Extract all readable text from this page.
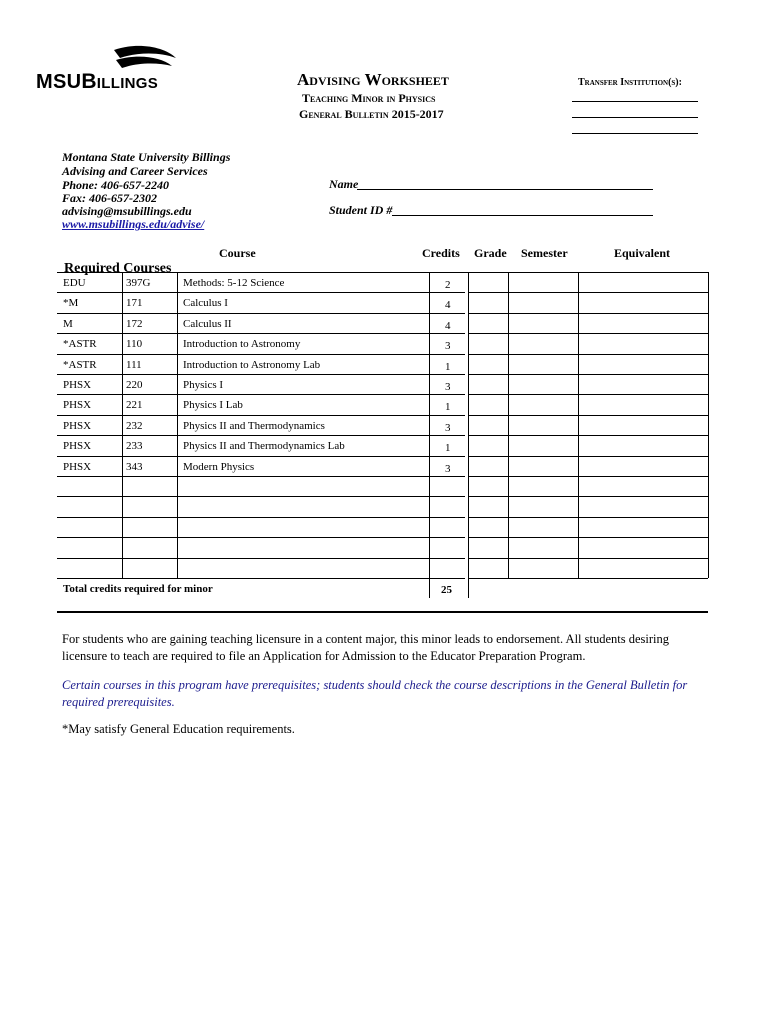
MSUBillings	Advising Worksheet
Teaching Minor in Physics
General Bulletin 2015-2017
Transfer Institution(s):
Montana State University Billings
Advising and Career Services
Phone: 406-657-2240
Fax: 406-657-2302
advising@msubillings.edu
www.msubillings.edu/advise/
Name
Student ID #
Course	Credits Grade Semester	Equivalent
Required Courses
EDU	397G	Methods: 5-12 Science	2
*M	171	Calculus I	4
M	172	Calculus II	4
*ASTR	110	Introduction to Astronomy	3
*ASTR	111	Introduction to Astronomy Lab	1
PHSX	220	Physics I	3
PHSX	221	Physics I Lab	1
PHSX	232	Physics II and Thermodynamics	3
PHSX	233	Physics II and Thermodynamics Lab	1
PHSX	343	Modern Physics	3
Total credits required for minor	25
For students who are gaining teaching licensure in a content major, this minor leads to endorsement. All students desiring licensure to teach are required to file an Application for Admission to the Educator Preparation Program.
Certain courses in this program have prerequisites; students should check the course descriptions in the General Bulletin for required prerequisites.
*May satisfy General Education requirements.
